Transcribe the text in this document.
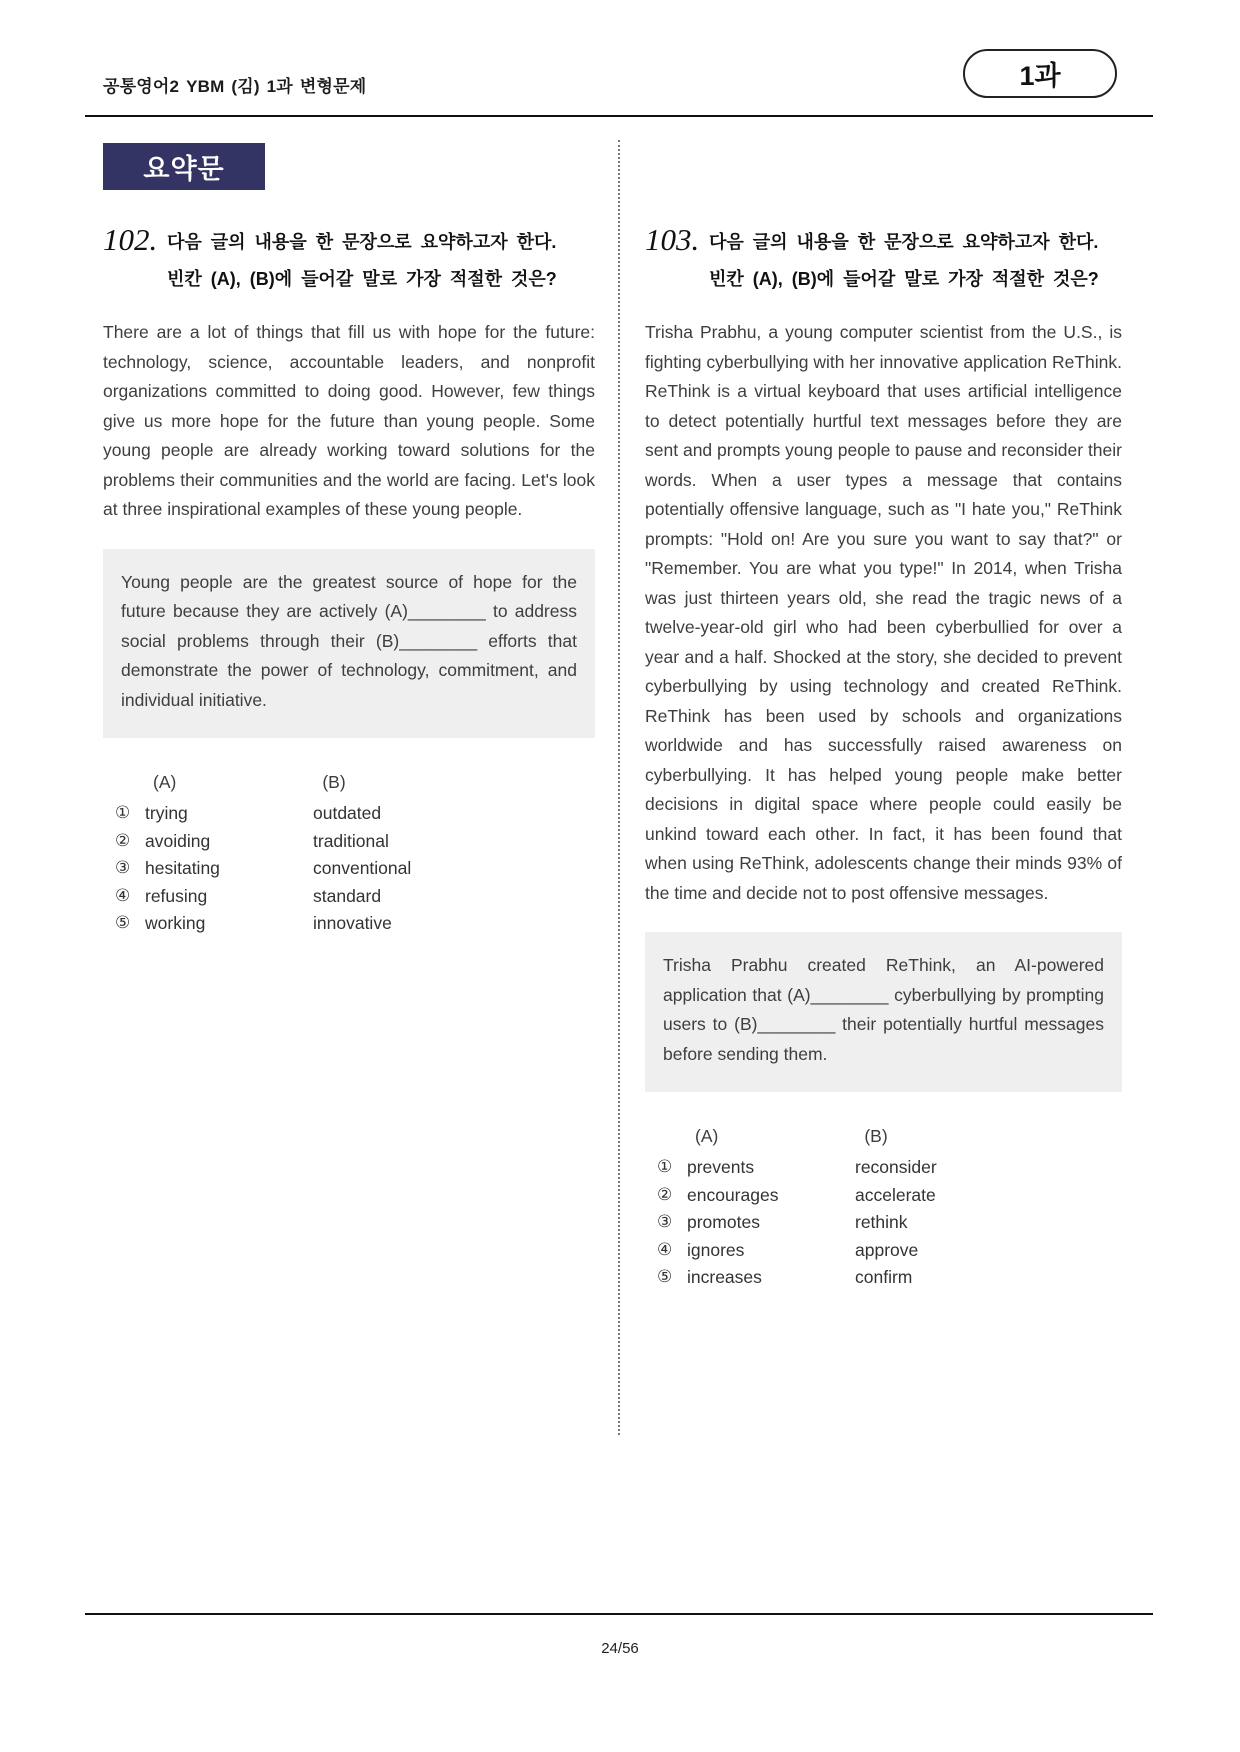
공통영어2 YBM (김) 1과 변형문제	1과
요약문
102. 다음 글의 내용을 한 문장으로 요약하고자 한다.
빈칸 (A), (B)에 들어갈 말로 가장 적절한 것은?
There are a lot of things that fill us with hope for the future: technology, science, accountable leaders, and nonprofit organizations committed to doing good. However, few things give us more hope for the future than young people. Some young people are already working toward solutions for the problems their communities and the world are facing. Let's look at three inspirational examples of these young people.
Young people are the greatest source of hope for the future because they are actively (A)________ to address social problems through their (B)________ efforts that demonstrate the power of technology, commitment, and individual initiative.
(A)	(B)
① trying	outdated
② avoiding	traditional
③ hesitating	conventional
④ refusing	standard
⑤ working	innovative
103. 다음 글의 내용을 한 문장으로 요약하고자 한다.
빈칸 (A), (B)에 들어갈 말로 가장 적절한 것은?
Trisha Prabhu, a young computer scientist from the U.S., is fighting cyberbullying with her innovative application ReThink. ReThink is a virtual keyboard that uses artificial intelligence to detect potentially hurtful text messages before they are sent and prompts young people to pause and reconsider their words. When a user types a message that contains potentially offensive language, such as "I hate you," ReThink prompts: "Hold on! Are you sure you want to say that?" or "Remember. You are what you type!" In 2014, when Trisha was just thirteen years old, she read the tragic news of a twelve-year-old girl who had been cyberbullied for over a year and a half. Shocked at the story, she decided to prevent cyberbullying by using technology and created ReThink. ReThink has been used by schools and organizations worldwide and has successfully raised awareness on cyberbullying. It has helped young people make better decisions in digital space where people could easily be unkind toward each other. In fact, it has been found that when using ReThink, adolescents change their minds 93% of the time and decide not to post offensive messages.
Trisha Prabhu created ReThink, an AI-powered application that (A)________ cyberbullying by prompting users to (B)________ their potentially hurtful messages before sending them.
(A)	(B)
① prevents	reconsider
② encourages	accelerate
③ promotes	rethink
④ ignores	approve
⑤ increases	confirm
24/56
